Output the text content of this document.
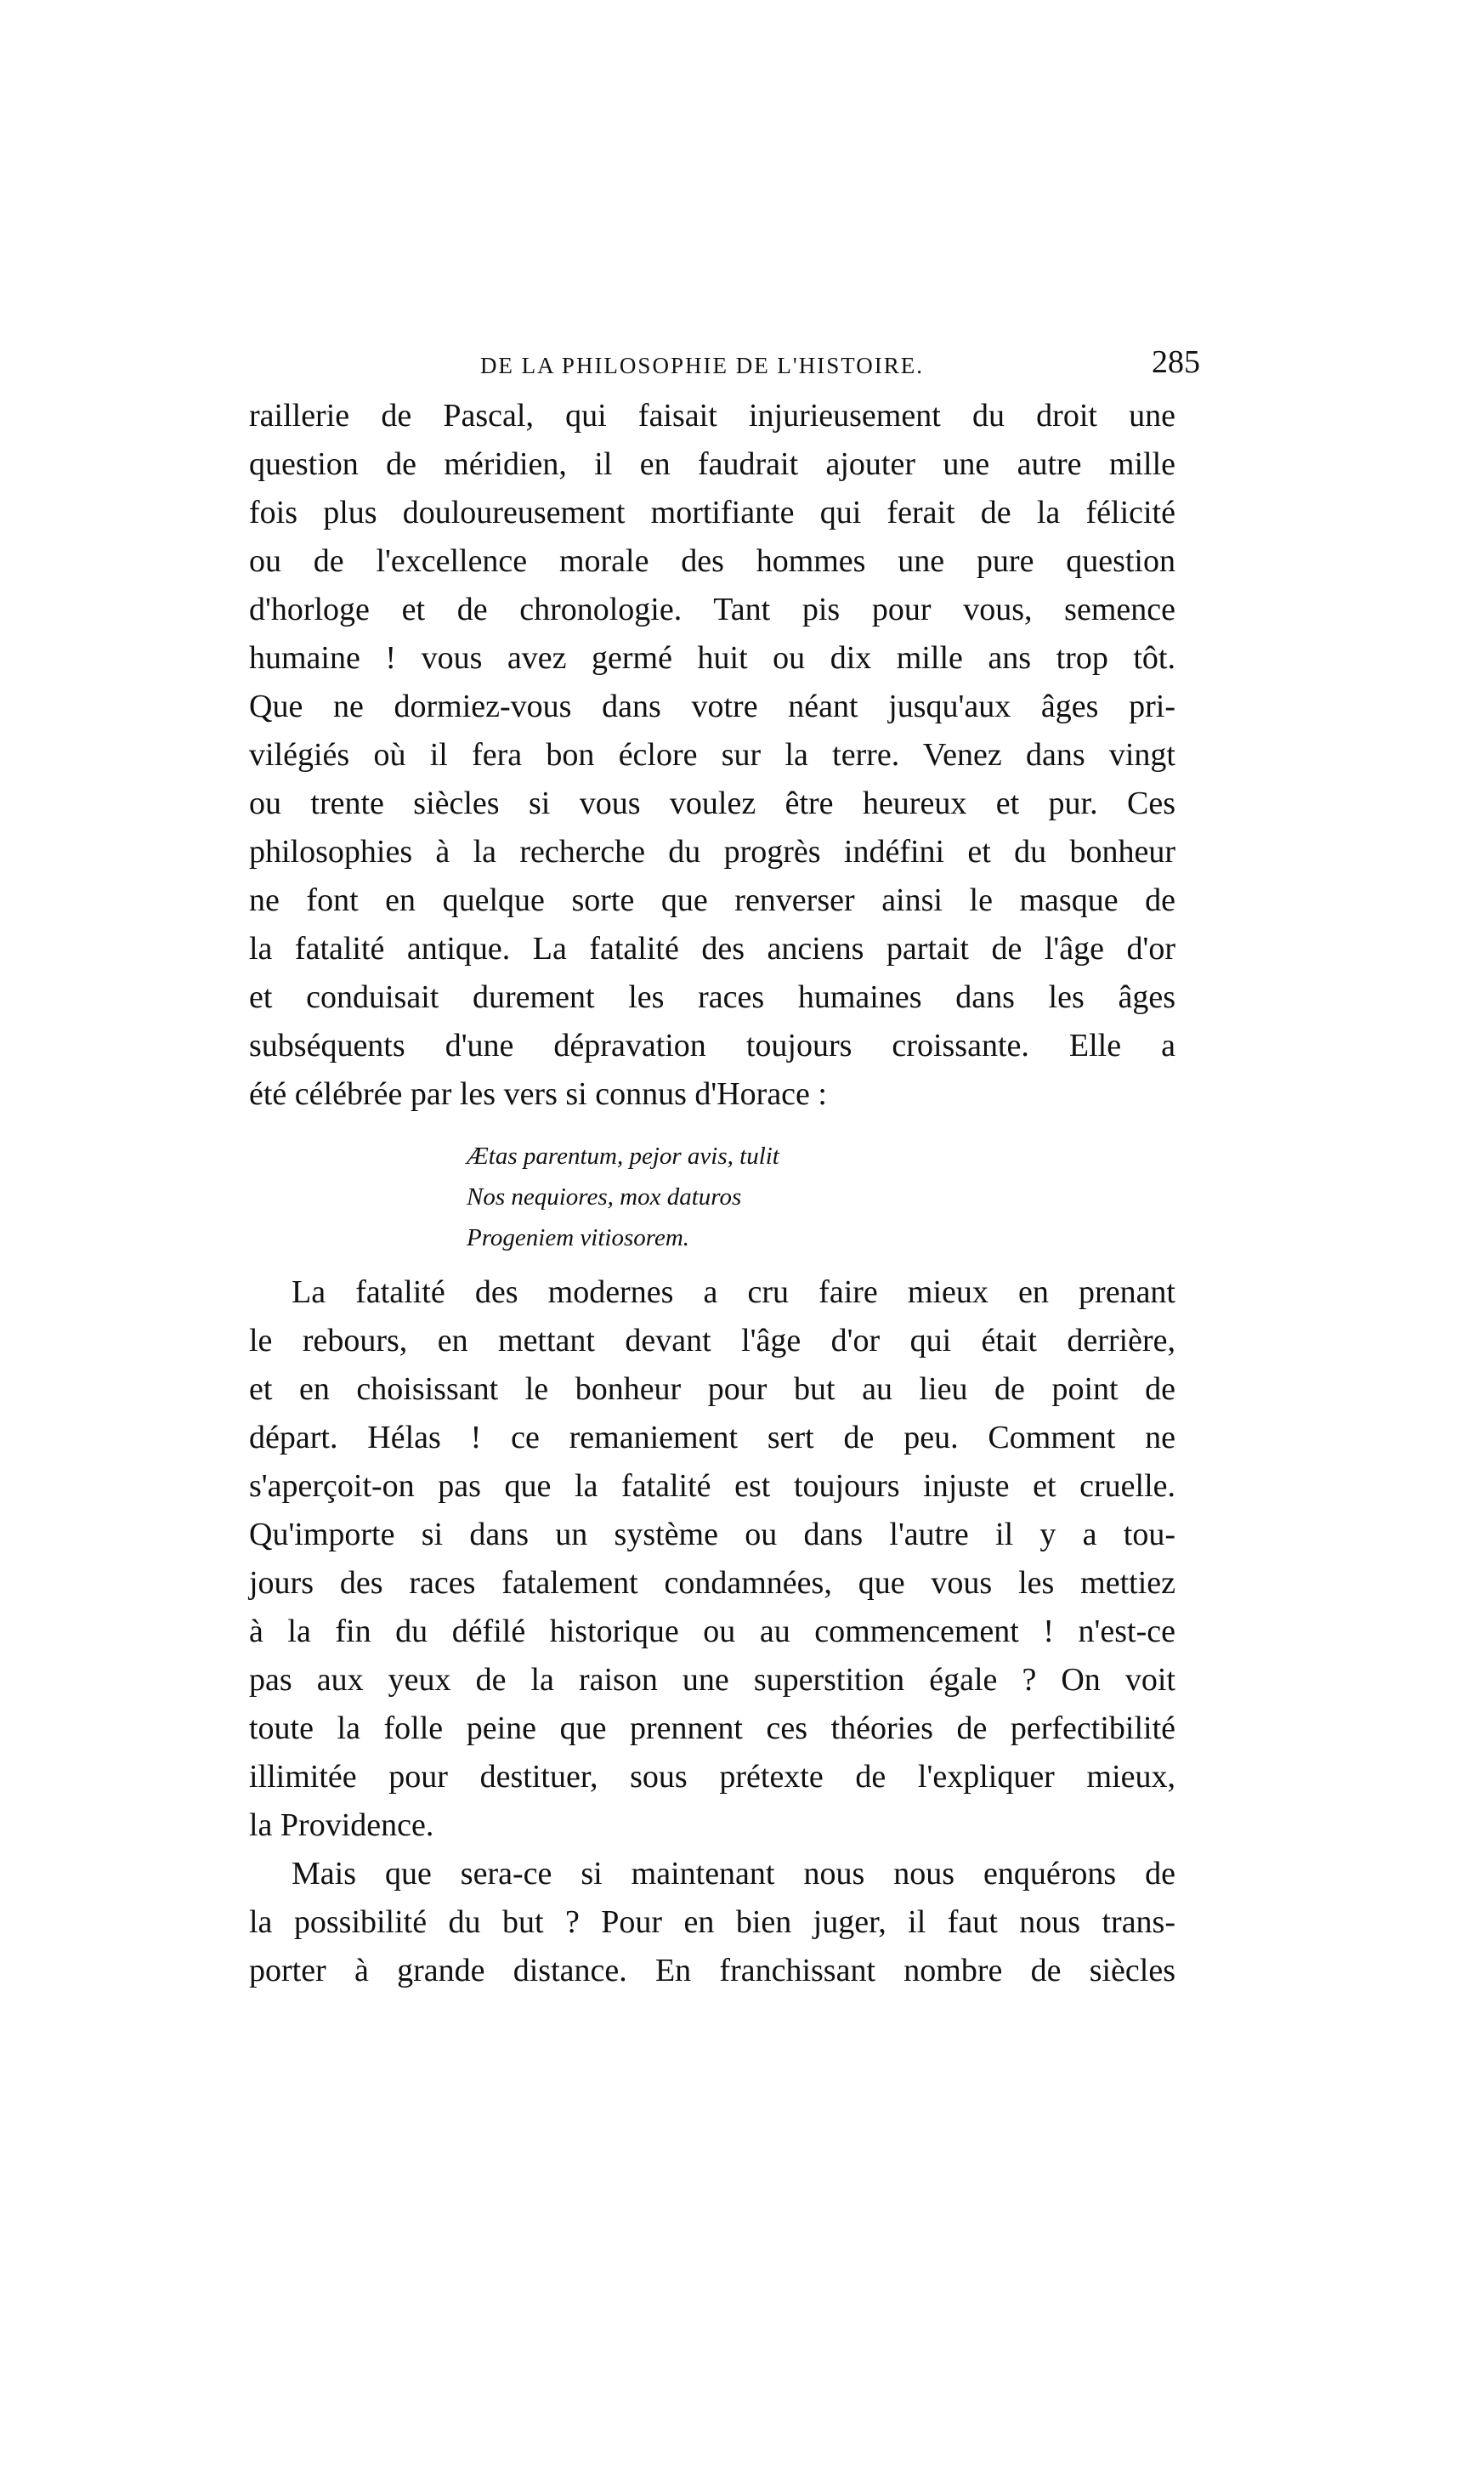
DE LA PHILOSOPHIE DE L'HISTOIRE.	285
raillerie de Pascal, qui faisait injurieusement du droit une
question de méridien, il en faudrait ajouter une autre mille
fois plus douloureusement mortifiante qui ferait de la félicité
ou de l'excellence morale des hommes une pure question
d'horloge et de chronologie. Tant pis pour vous, semence
humaine ! vous avez germé huit ou dix mille ans trop tôt.
Que ne dormiez-vous dans votre néant jusqu'aux âges pri-
vilégiés où il fera bon éclore sur la terre. Venez dans vingt
ou trente siècles si vous voulez être heureux et pur. Ces
philosophies à la recherche du progrès indéfini et du bonheur
ne font en quelque sorte que renverser ainsi le masque de
la fatalité antique. La fatalité des anciens partait de l'âge d'or
et conduisait durement les races humaines dans les âges
subséquents d'une dépravation toujours croissante. Elle a
été célébrée par les vers si connus d'Horace :
Ætas parentum, pejor avis, tulit
Nos nequiores, mox daturos
Progeniem vitiosorem.
La fatalité des modernes a cru faire mieux en prenant
le rebours, en mettant devant l'âge d'or qui était derrière,
et en choisissant le bonheur pour but au lieu de point de
départ. Hélas ! ce remaniement sert de peu. Comment ne
s'aperçoit-on pas que la fatalité est toujours injuste et cruelle.
Qu'importe si dans un système ou dans l'autre il y a tou-
jours des races fatalement condamnées, que vous les mettiez
à la fin du défilé historique ou au commencement ! n'est-ce
pas aux yeux de la raison une superstition égale ? On voit
toute la folle peine que prennent ces théories de perfectibilité
illimitée pour destituer, sous prétexte de l'expliquer mieux,
la Providence.
Mais que sera-ce si maintenant nous nous enquérons de
la possibilité du but ? Pour en bien juger, il faut nous trans-
porter à grande distance. En franchissant nombre de siècles
